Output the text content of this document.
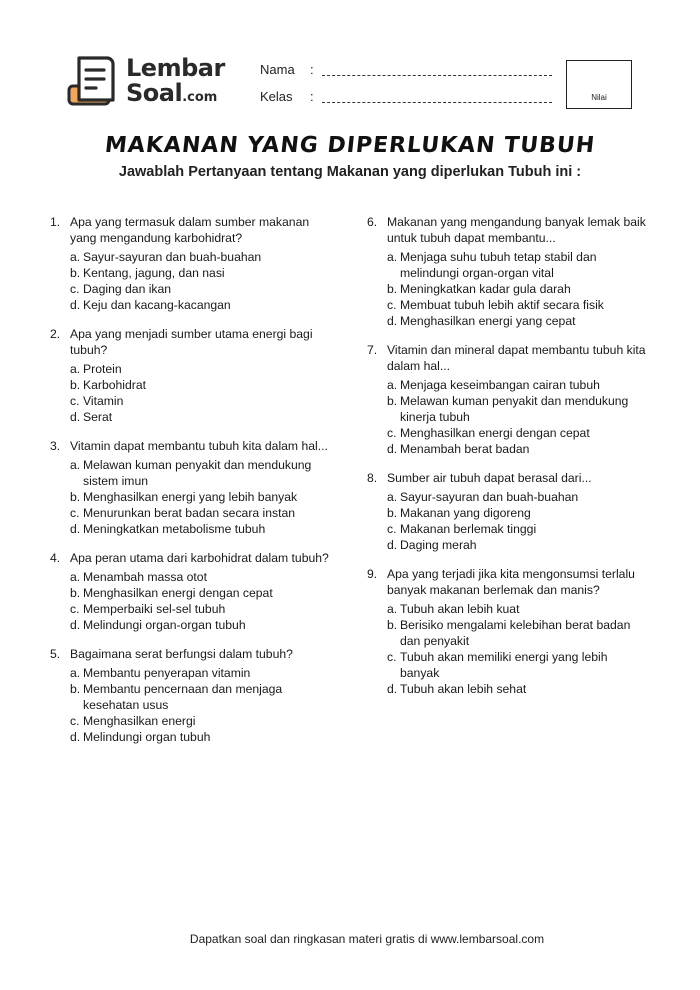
Lembar
Soal.com
Nama	:
Kelas	:	Nilai
MAKANAN YANG DIPERLUKAN TUBUH
Jawablah Pertanyaan tentang Makanan yang diperlukan Tubuh ini :
1. Apa yang termasuk dalam sumber makanan yang mengandung karbohidrat?
a. Sayur-sayuran dan buah-buahan
b. Kentang, jagung, dan nasi
c. Daging dan ikan
d. Keju dan kacang-kacangan
2. Apa yang menjadi sumber utama energi bagi tubuh?
a. Protein
b. Karbohidrat
c. Vitamin
d. Serat
3. Vitamin dapat membantu tubuh kita dalam hal...
a. Melawan kuman penyakit dan mendukung sistem imun
b. Menghasilkan energi yang lebih banyak
c. Menurunkan berat badan secara instan
d. Meningkatkan metabolisme tubuh
4. Apa peran utama dari karbohidrat dalam tubuh?
a. Menambah massa otot
b. Menghasilkan energi dengan cepat
c. Memperbaiki sel-sel tubuh
d. Melindungi organ-organ tubuh
5. Bagaimana serat berfungsi dalam tubuh?
a. Membantu penyerapan vitamin
b. Membantu pencernaan dan menjaga kesehatan usus
c. Menghasilkan energi
d. Melindungi organ tubuh
6. Makanan yang mengandung banyak lemak baik untuk tubuh dapat membantu...
a. Menjaga suhu tubuh tetap stabil dan melindungi organ-organ vital
b. Meningkatkan kadar gula darah
c. Membuat tubuh lebih aktif secara fisik
d. Menghasilkan energi yang cepat
7. Vitamin dan mineral dapat membantu tubuh kita dalam hal...
a. Menjaga keseimbangan cairan tubuh
b. Melawan kuman penyakit dan mendukung kinerja tubuh
c. Menghasilkan energi dengan cepat
d. Menambah berat badan
8. Sumber air tubuh dapat berasal dari...
a. Sayur-sayuran dan buah-buahan
b. Makanan yang digoreng
c. Makanan berlemak tinggi
d. Daging merah
9. Apa yang terjadi jika kita mengonsumsi terlalu banyak makanan berlemak dan manis?
a. Tubuh akan lebih kuat
b. Berisiko mengalami kelebihan berat badan dan penyakit
c. Tubuh akan memiliki energi yang lebih banyak
d. Tubuh akan lebih sehat
Dapatkan soal dan ringkasan materi gratis di www.lembarsoal.com
